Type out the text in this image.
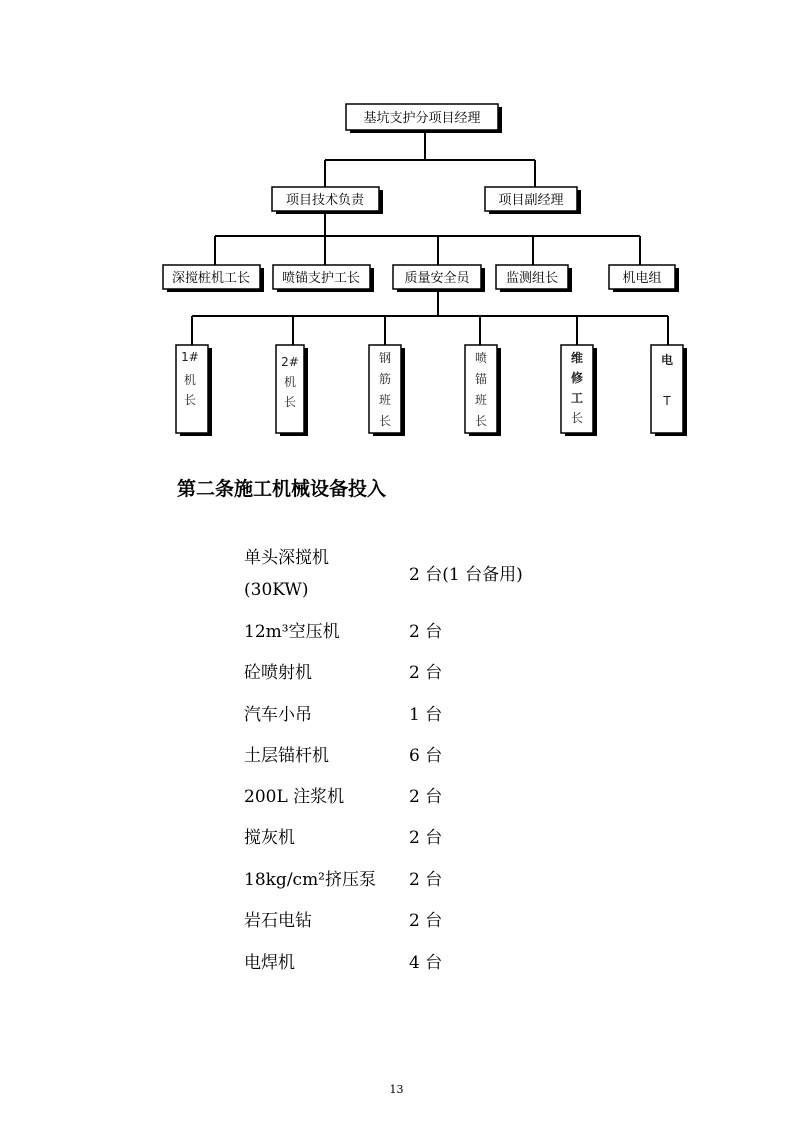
基坑支护分项目经理
项目技术负责	项目副经理
深搅桩机工长 喷锚支护工长	质量安全员	监测组长	机电组
1#
机
长
2#
机
长
钢
筋
班
长
喷
锚
班
长
维
修
工
长
电
T
第二条施工机械设备投入
单头深搅机
(30KW)
2 台(1 台备用)
12m³空压机	2 台
砼喷射机	2 台
汽车小吊	1 台
土层锚杆机	6 台
200L 注浆机	2 台
搅灰机	2 台
18kg/cm²挤压泵 2 台
岩石电钻	2 台
电焊机	4 台
13
